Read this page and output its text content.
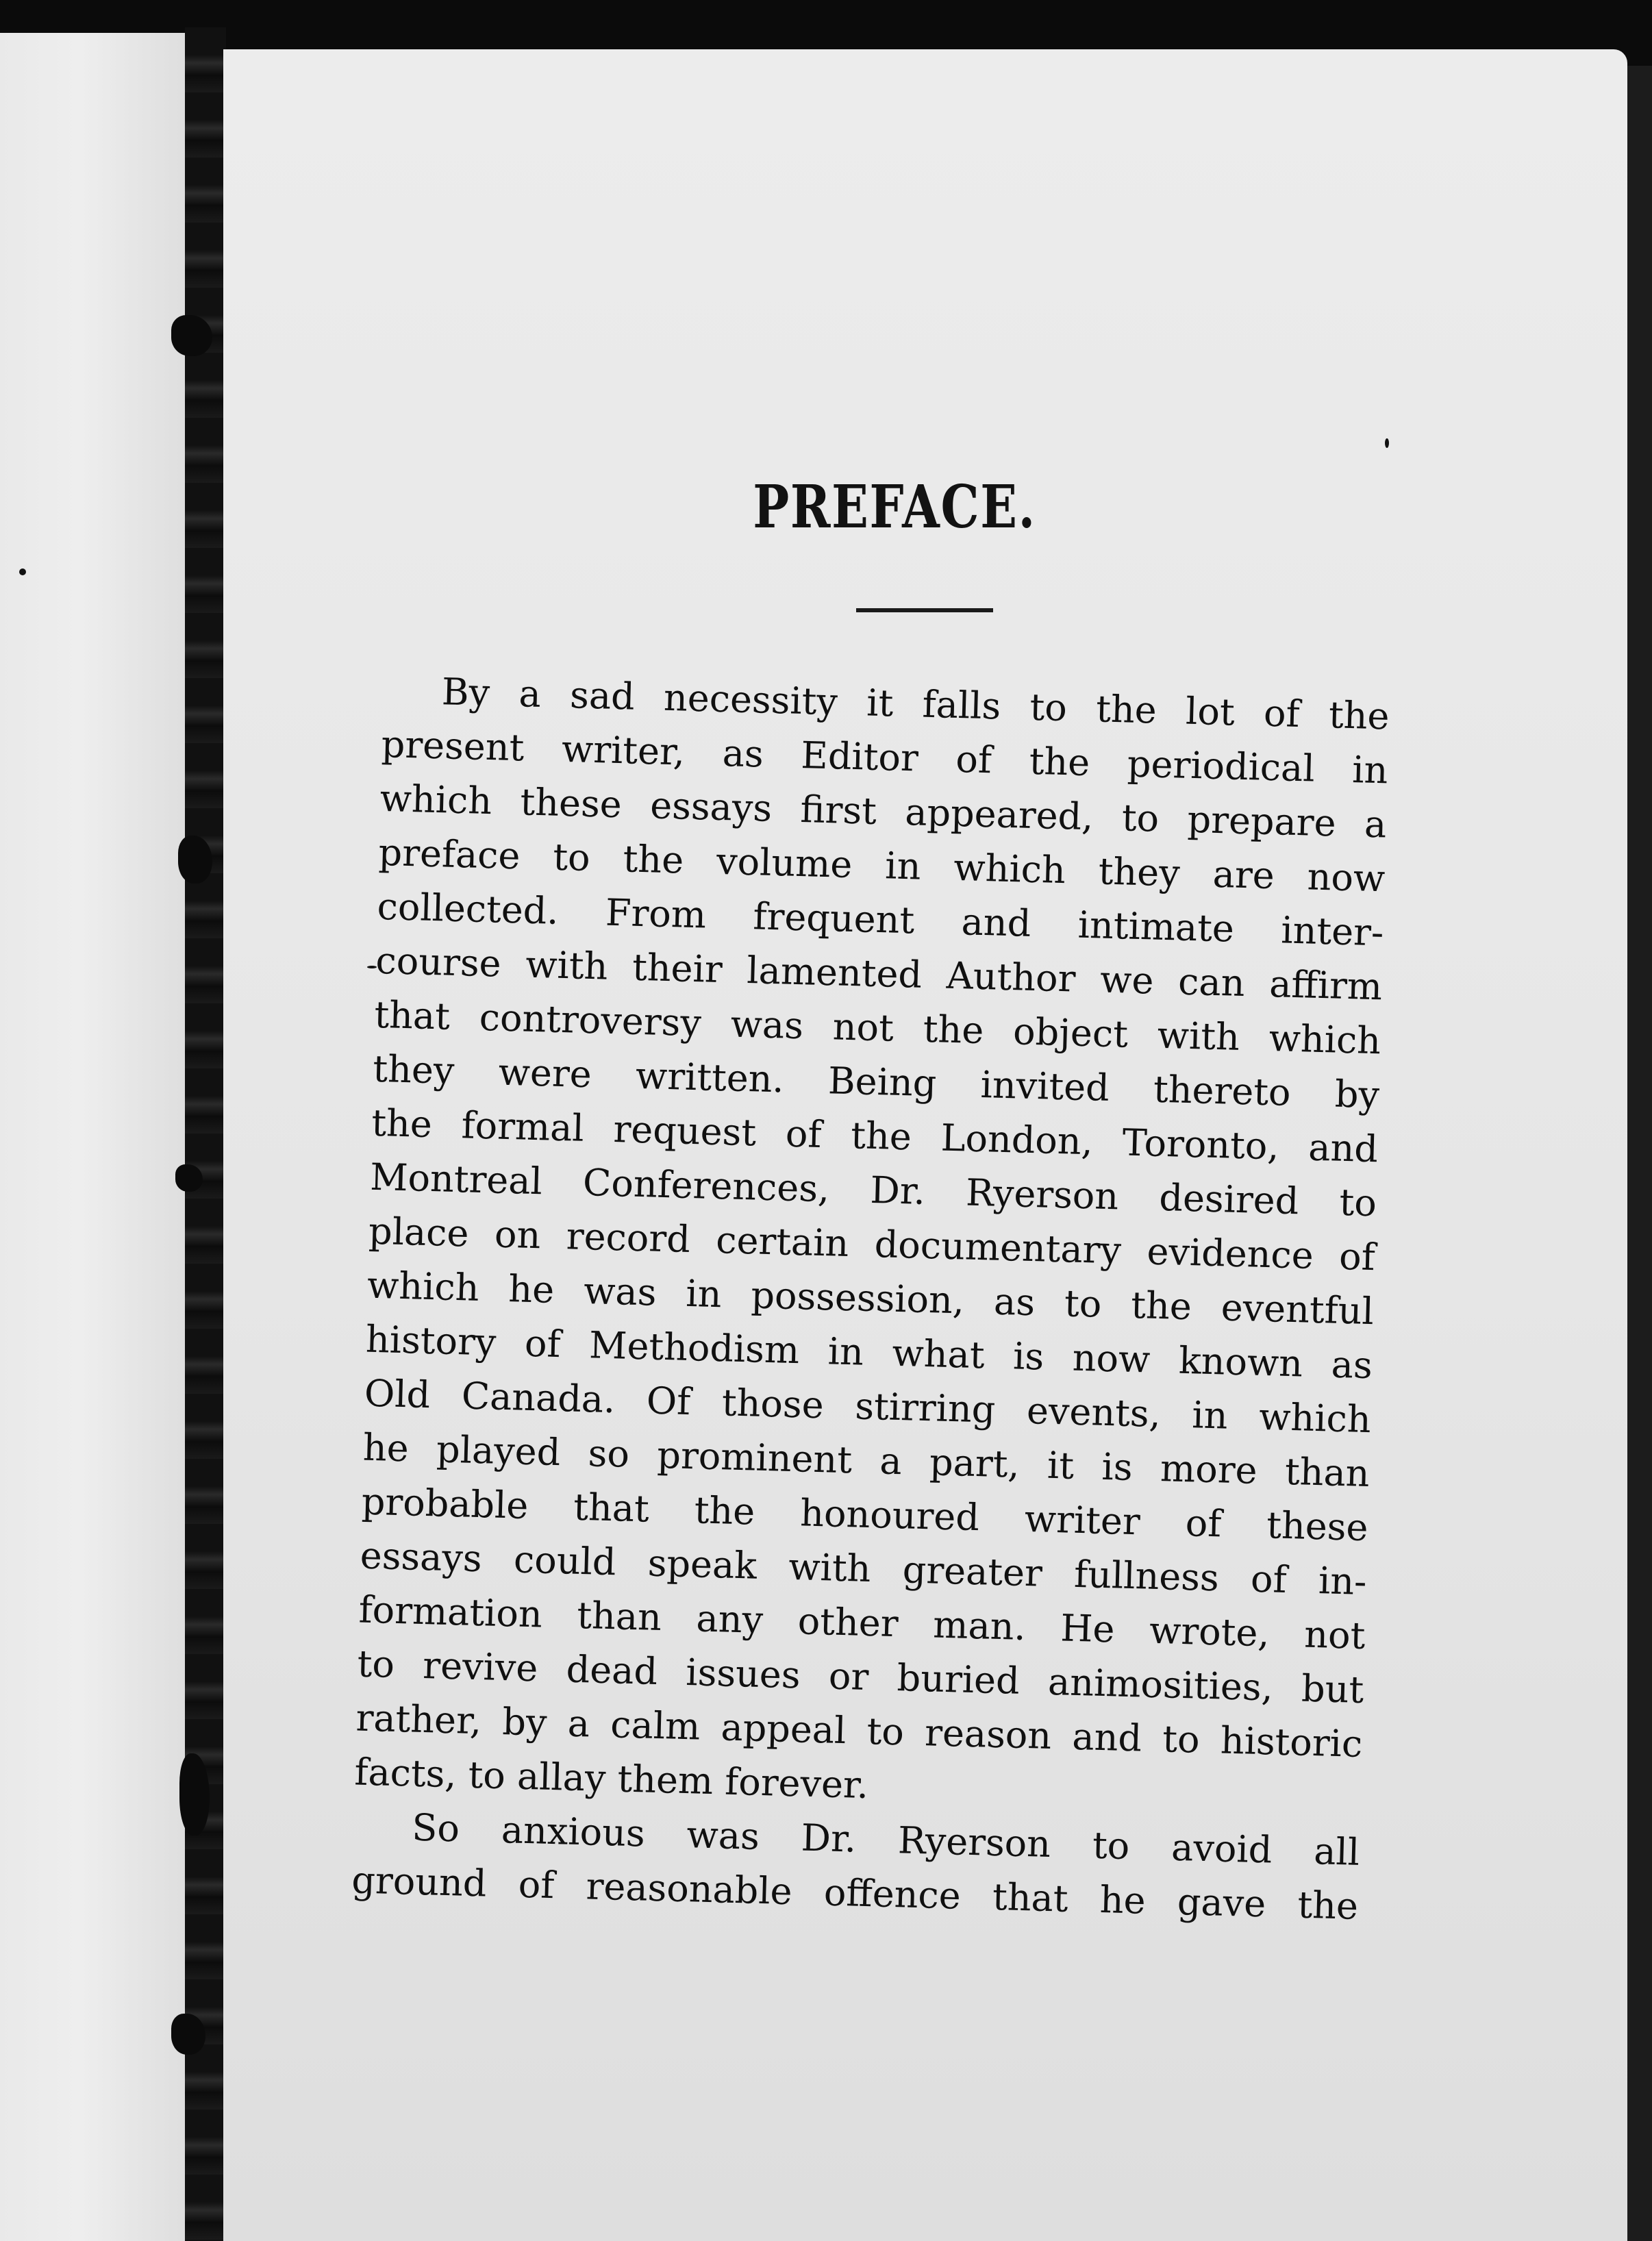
PREFACE.
By a sad necessity it falls to the lot of the
present writer, as Editor of the periodical in
which these essays first appeared, to prepare a
preface to the volume in which they are now
collected. From frequent and intimate inter-
course with their lamented Author we can affirm
that controversy was not the object with which
they were written. Being invited thereto by
the formal request of the London, Toronto, and
Montreal Conferences, Dr. Ryerson desired to
place on record certain documentary evidence of
which he was in possession, as to the eventful
history of Methodism in what is now known as
Old Canada. Of those stirring events, in which
he played so prominent a part, it is more than
probable that the honoured writer of these
essays could speak with greater fullness of in-
formation than any other man. He wrote, not
to revive dead issues or buried animosities, but
rather, by a calm appeal to reason and to historic
facts, to allay them forever.
So anxious was Dr. Ryerson to avoid all
ground of reasonable offence that he gave the
